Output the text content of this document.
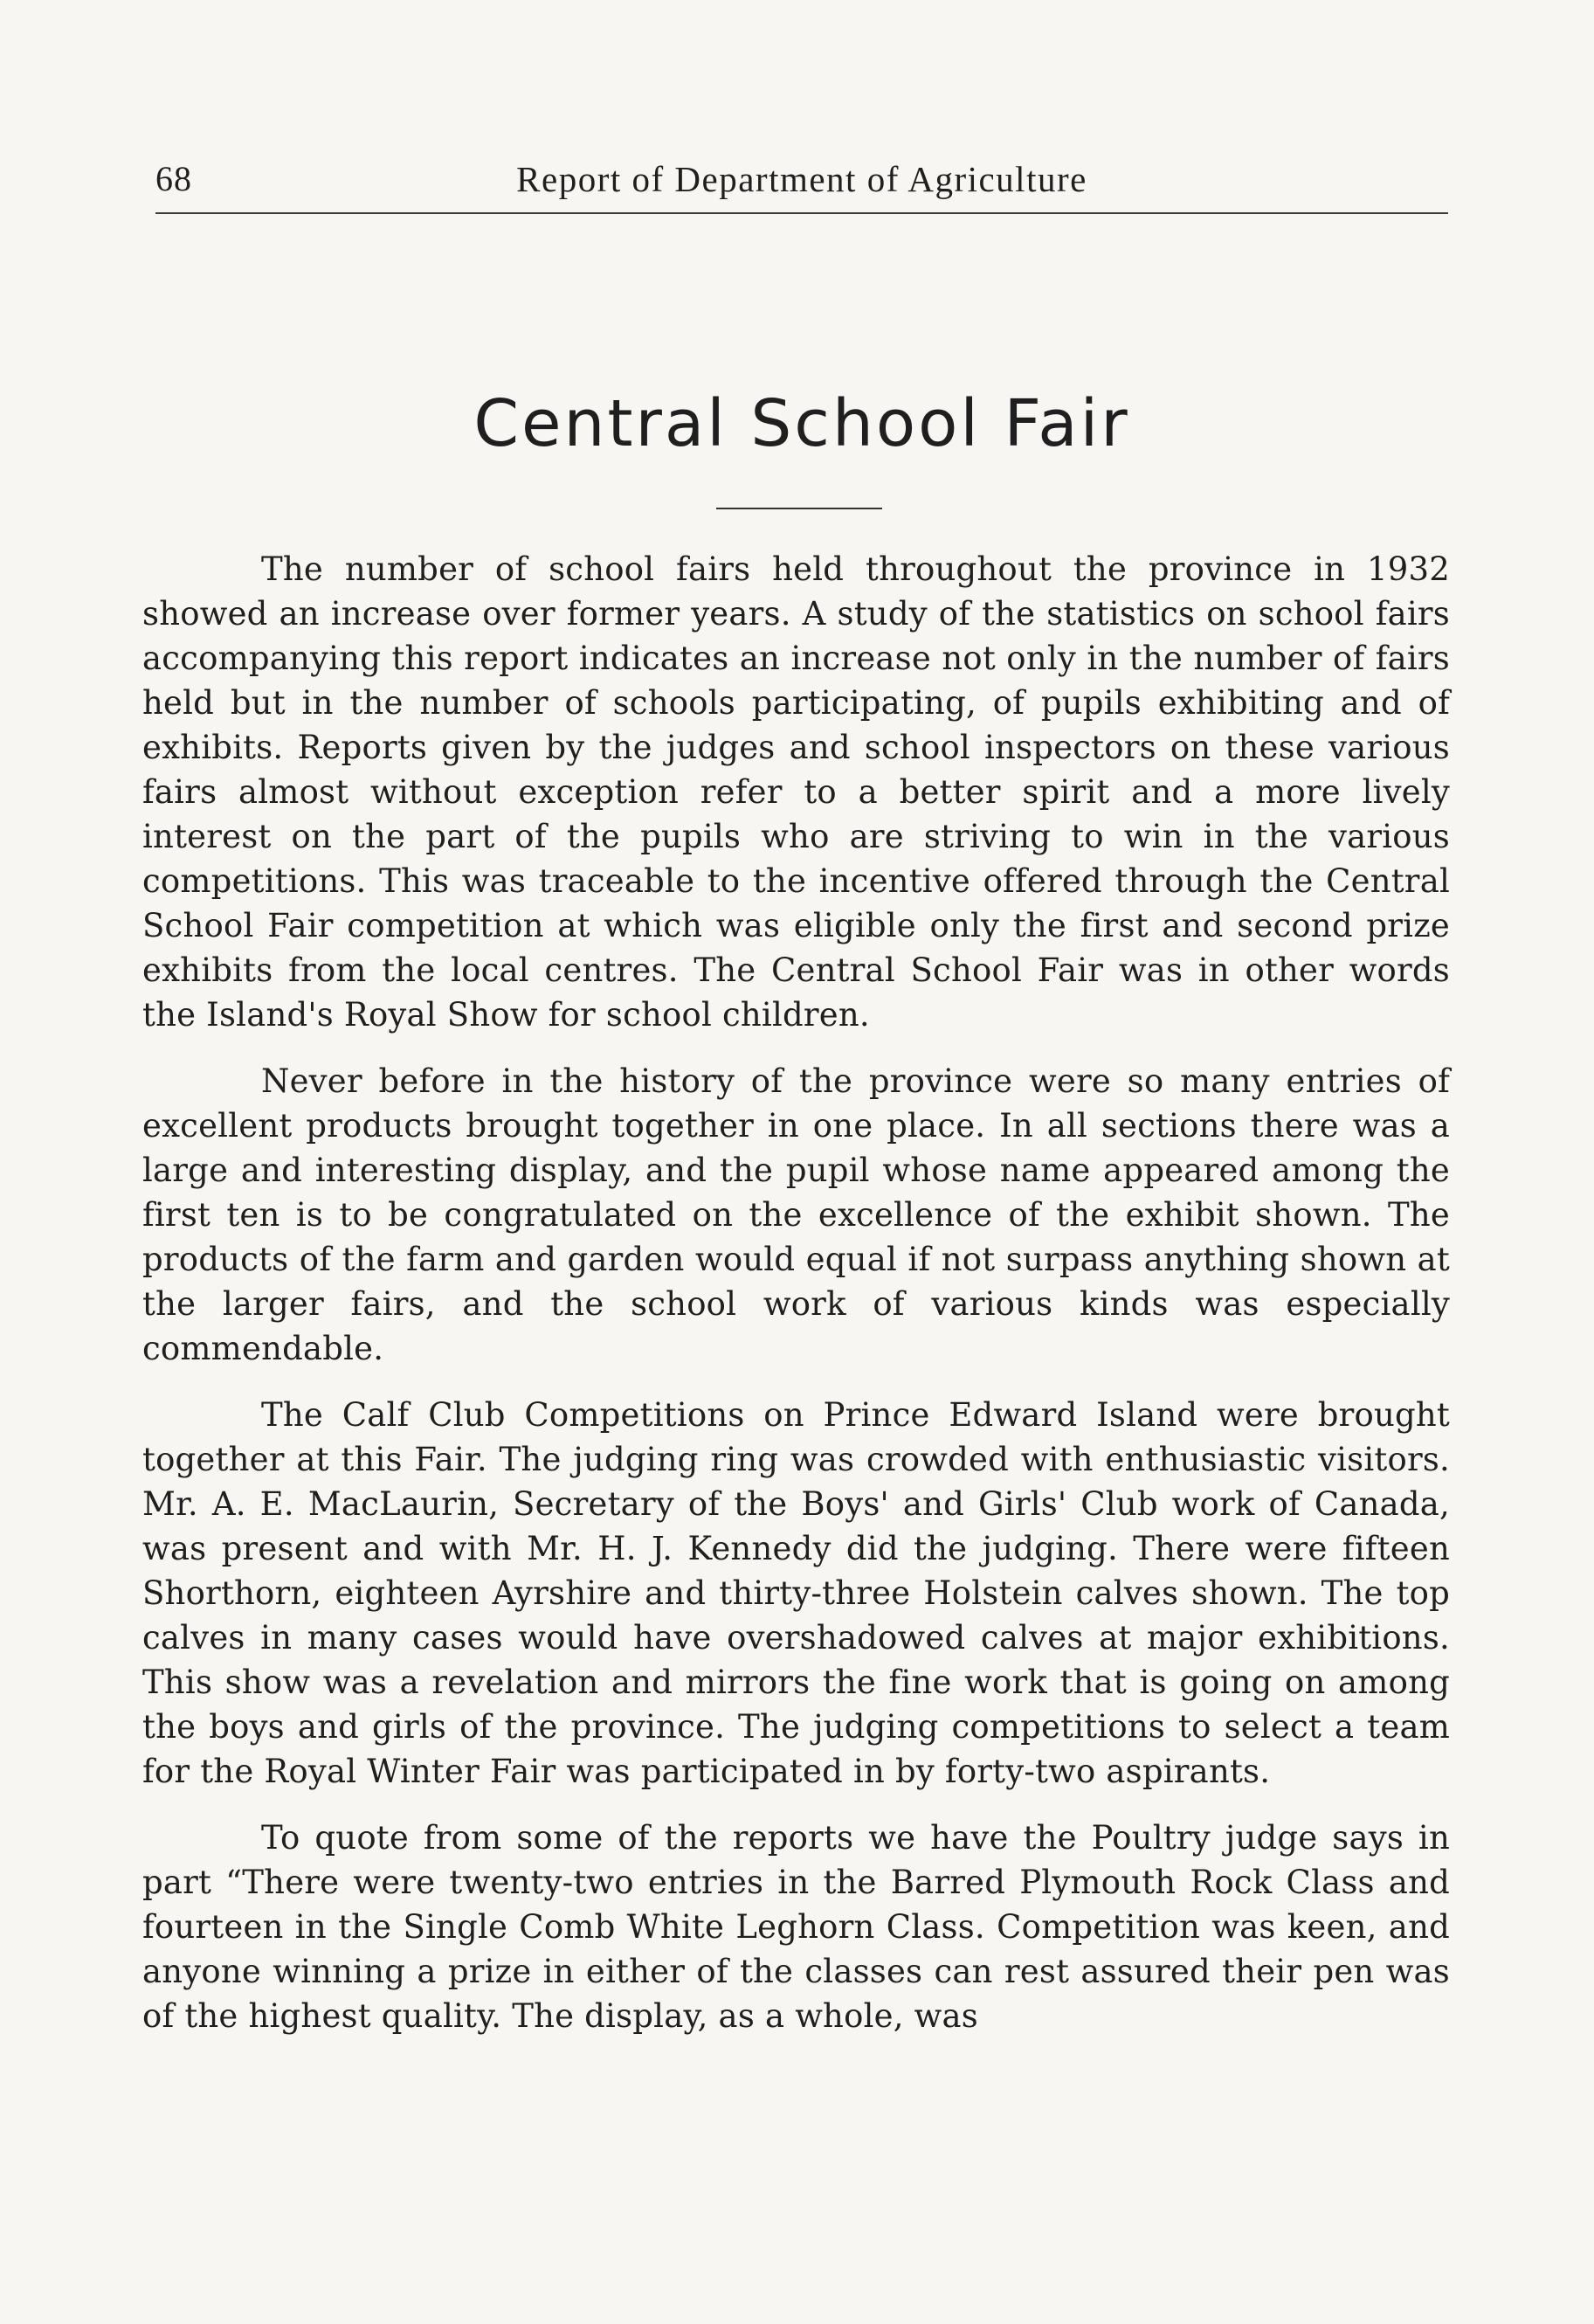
68	Report of Department of Agriculture
Central School Fair

The number of school fairs held throughout the province in 1932 showed an increase over former years. A study of the statistics on school fairs accompanying this report indicates an increase not only in the number of fairs held but in the number of schools participating, of pupils exhibiting and of exhibits. Reports given by the judges and school inspectors on these various fairs almost without exception refer to a better spirit and a more lively interest on the part of the pupils who are striving to win in the various competitions. This was traceable to the incentive offered through the Central School Fair competition at which was eligible only the first and second prize exhibits from the local centres. The Central School Fair was in other words the Island's Royal Show for school children.

Never before in the history of the province were so many entries of excellent products brought together in one place. In all sections there was a large and interesting display, and the pupil whose name appeared among the first ten is to be congratulated on the excellence of the exhibit shown. The products of the farm and garden would equal if not surpass anything shown at the larger fairs, and the school work of various kinds was especially commendable.

The Calf Club Competitions on Prince Edward Island were brought together at this Fair. The judging ring was crowded with enthusiastic visitors. Mr. A. E. MacLaurin, Secretary of the Boys' and Girls' Club work of Canada, was present and with Mr. H. J. Kennedy did the judging. There were fifteen Shorthorn, eighteen Ayrshire and thirty-three Holstein calves shown. The top calves in many cases would have overshadowed calves at major exhibitions. This show was a revelation and mirrors the fine work that is going on among the boys and girls of the province. The judging competitions to select a team for the Royal Winter Fair was participated in by forty-two aspirants.

To quote from some of the reports we have the Poultry judge says in part “There were twenty-two entries in the Barred Plymouth Rock Class and fourteen in the Single Comb White Leghorn Class. Competition was keen, and anyone winning a prize in either of the classes can rest assured their pen was of the highest quality. The display, as a whole, was
